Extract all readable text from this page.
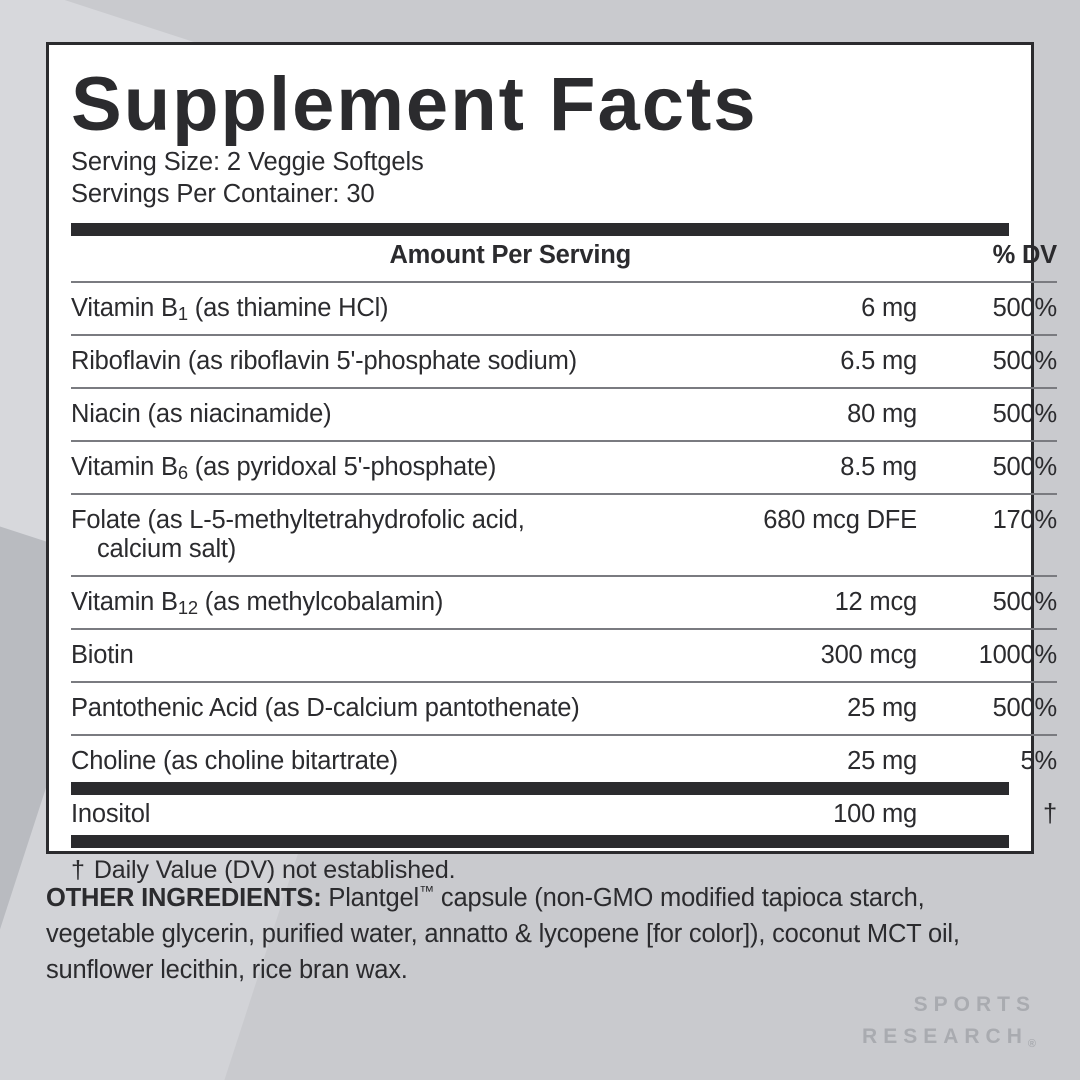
Supplement Facts
Serving Size: 2 Veggie Softgels
Servings Per Container: 30
Amount Per Serving		% DV

Vitamin $B_1$ (as thiamine HCl)	6 mg	500%

Riboflavin (as riboflavin 5'-phosphate sodium)	6.5 mg	500%

Niacin (as niacinamide)	80 mg	500%

Vitamin $B_6$ (as pyridoxal 5'-phosphate)	8.5 mg	500%

Folate (as L-5-methyltetrahydrofolic acid,
calcium salt)	680 mcg DFE	170%

Vitamin $B_{12}$ (as methylcobalamin)	12 mcg	500%

Biotin	300 mcg	1000%

Pantothenic Acid (as D-calcium pantothenate)	25 mg	500%

Choline (as choline bitartrate)	25 mg	5%
Inositol	100 mg	†
† Daily Value (DV) not established.
OTHER INGREDIENTS: Plantgel™ capsule (non-GMO modified tapioca starch, vegetable glycerin, purified water, annatto & lycopene [for color]), coconut MCT oil, sunflower lecithin, rice bran wax.
SPORTS
RESEARCH®
